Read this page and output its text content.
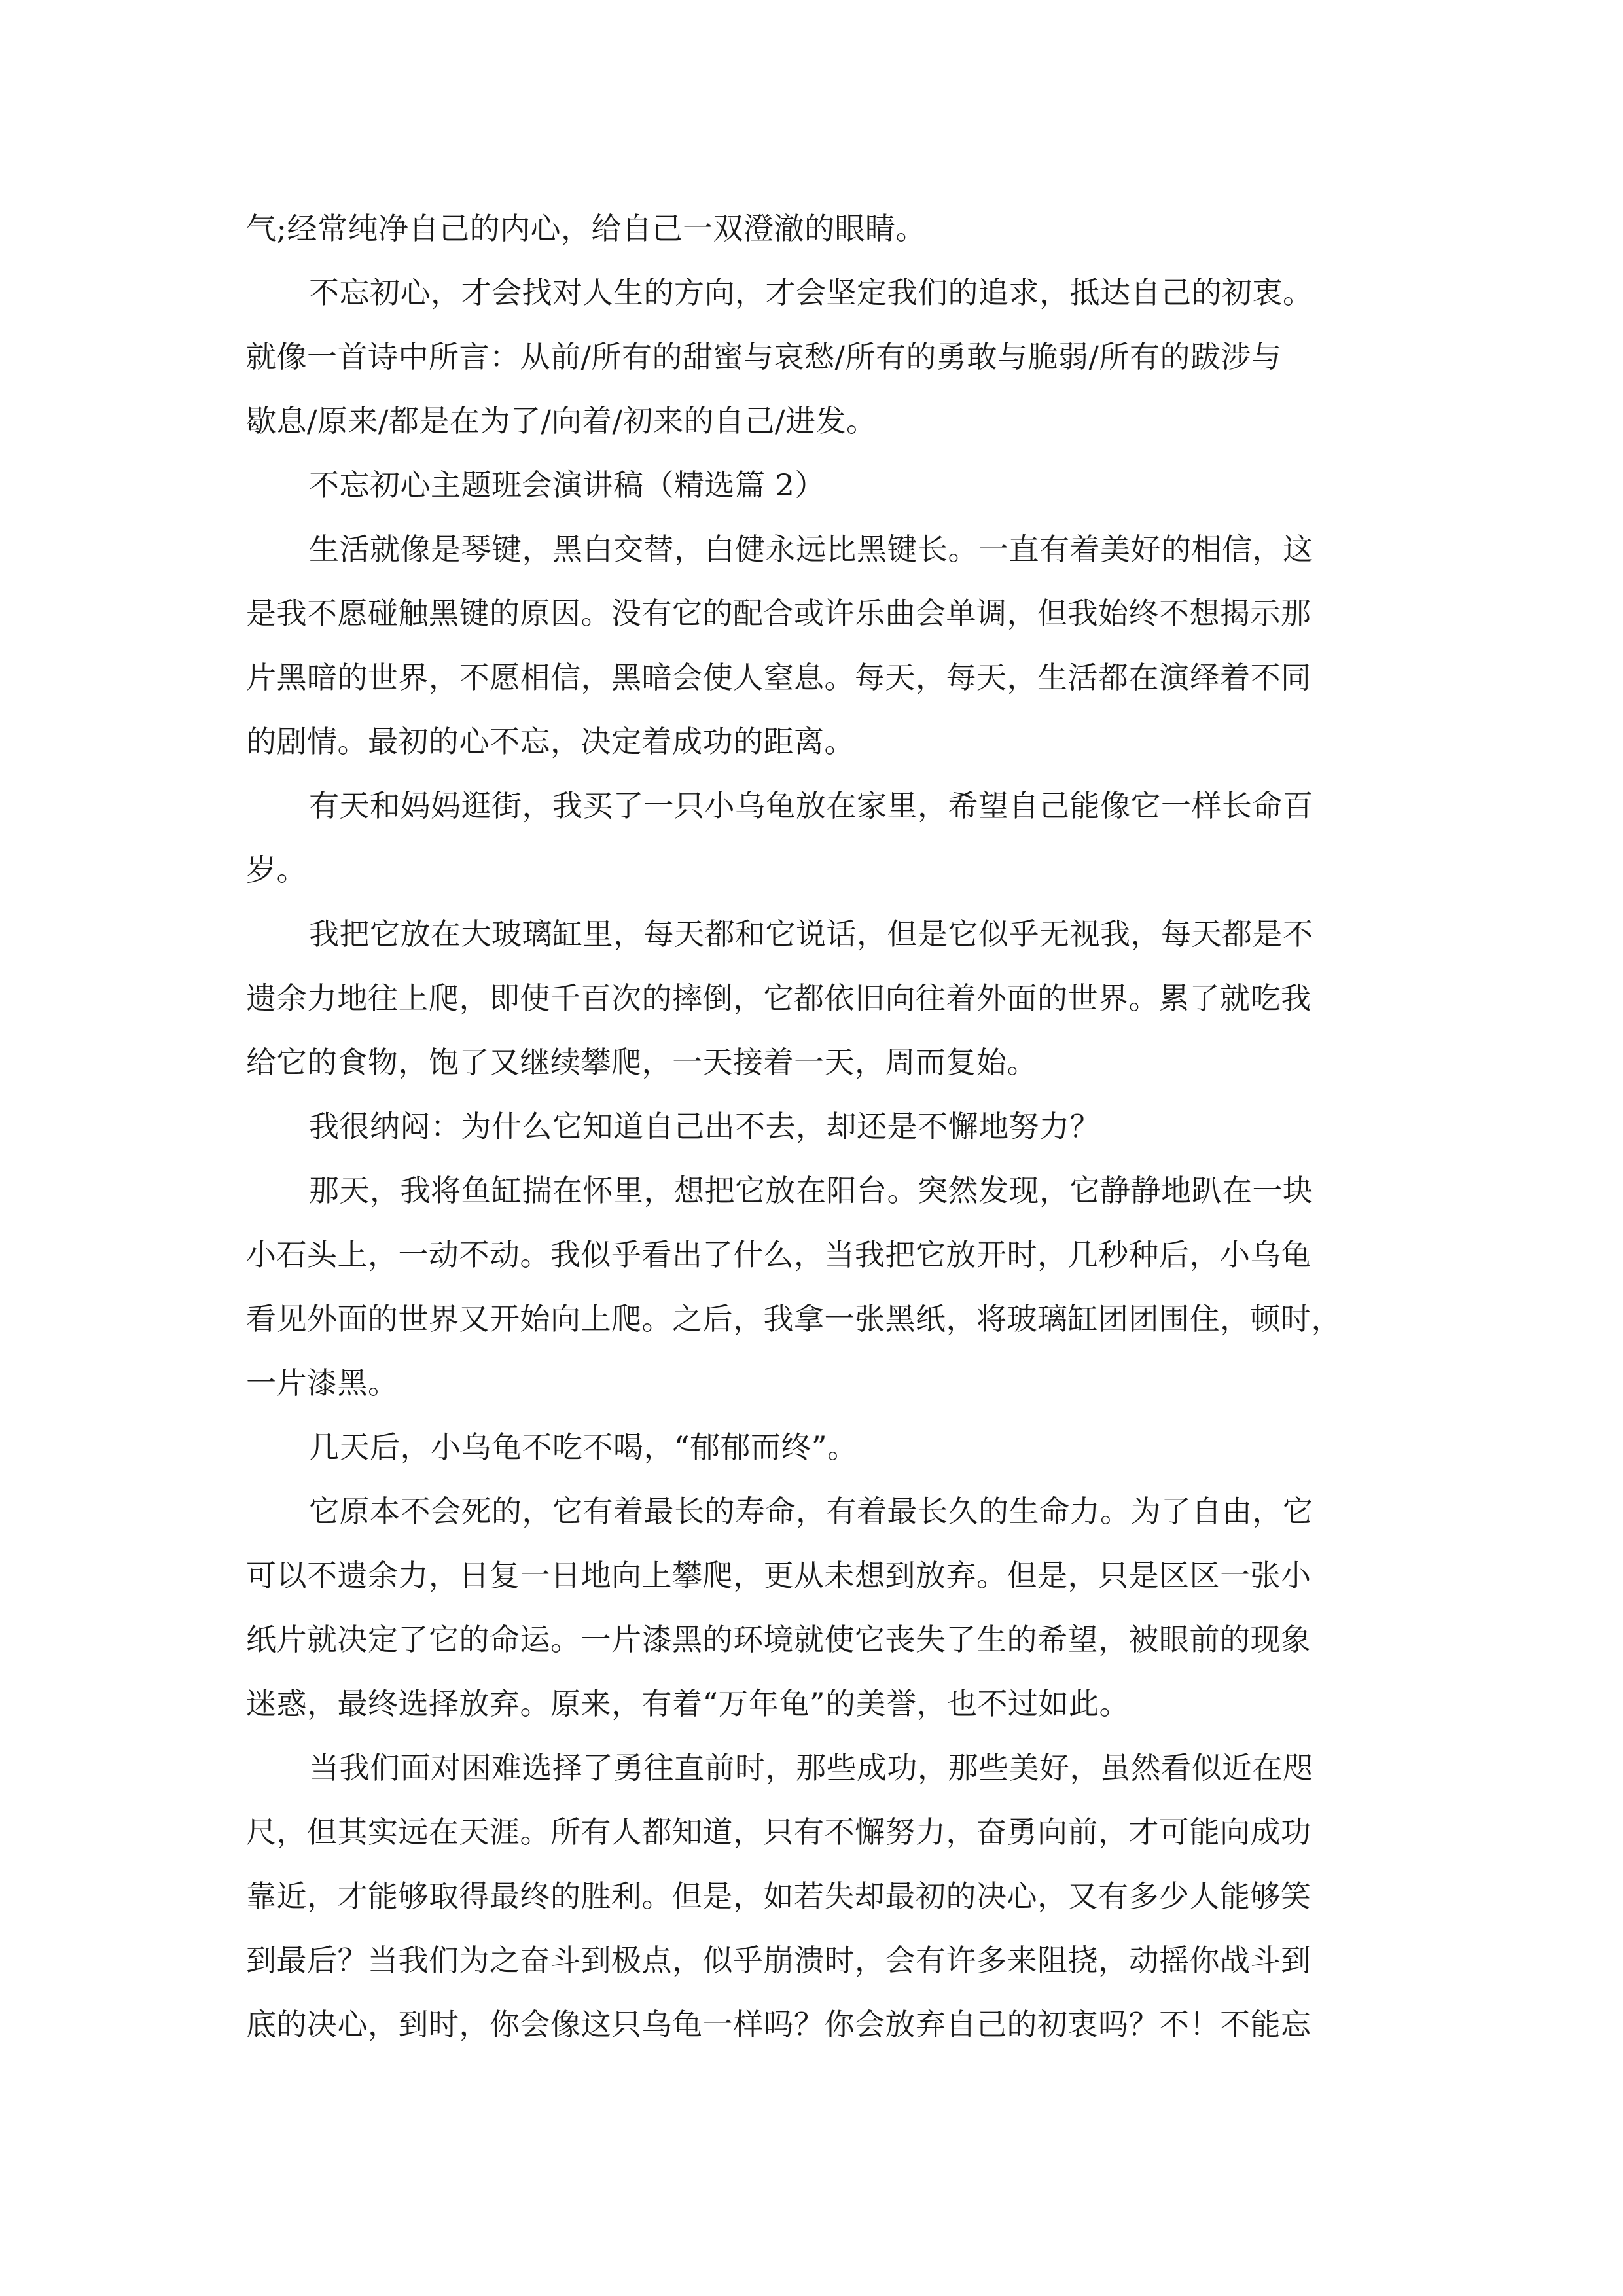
气;经常纯净自己的内心，给自己一双澄澈的眼睛。
不忘初心，才会找对人生的方向，才会坚定我们的追求，抵达自己的初衷。
就像一首诗中所言：从前/所有的甜蜜与哀愁/所有的勇敢与脆弱/所有的跋涉与
歇息/原来/都是在为了/向着/初来的自己/进发。
不忘初心主题班会演讲稿（精选篇 2）
生活就像是琴键，黑白交替，白健永远比黑键长。一直有着美好的相信，这
是我不愿碰触黑键的原因。没有它的配合或许乐曲会单调，但我始终不想揭示那
片黑暗的世界，不愿相信，黑暗会使人窒息。每天，每天，生活都在演绎着不同
的剧情。最初的心不忘，决定着成功的距离。
有天和妈妈逛街，我买了一只小乌龟放在家里，希望自己能像它一样长命百
岁。
我把它放在大玻璃缸里，每天都和它说话，但是它似乎无视我，每天都是不
遗余力地往上爬，即使千百次的摔倒，它都依旧向往着外面的世界。累了就吃我
给它的食物，饱了又继续攀爬，一天接着一天，周而复始。
我很纳闷：为什么它知道自己出不去，却还是不懈地努力？
那天，我将鱼缸揣在怀里，想把它放在阳台。突然发现，它静静地趴在一块
小石头上，一动不动。我似乎看出了什么，当我把它放开时，几秒种后，小乌龟
看见外面的世界又开始向上爬。之后，我拿一张黑纸，将玻璃缸团团围住，顿时，
一片漆黑。
几天后，小乌龟不吃不喝，“郁郁而终”。
它原本不会死的，它有着最长的寿命，有着最长久的生命力。为了自由，它
可以不遗余力，日复一日地向上攀爬，更从未想到放弃。但是，只是区区一张小
纸片就决定了它的命运。一片漆黑的环境就使它丧失了生的希望，被眼前的现象
迷惑，最终选择放弃。原来，有着“万年龟”的美誉，也不过如此。
当我们面对困难选择了勇往直前时，那些成功，那些美好，虽然看似近在咫
尺，但其实远在天涯。所有人都知道，只有不懈努力，奋勇向前，才可能向成功
靠近，才能够取得最终的胜利。但是，如若失却最初的决心，又有多少人能够笑
到最后？当我们为之奋斗到极点，似乎崩溃时，会有许多来阻挠，动摇你战斗到
底的决心，到时，你会像这只乌龟一样吗？你会放弃自己的初衷吗？不！不能忘
